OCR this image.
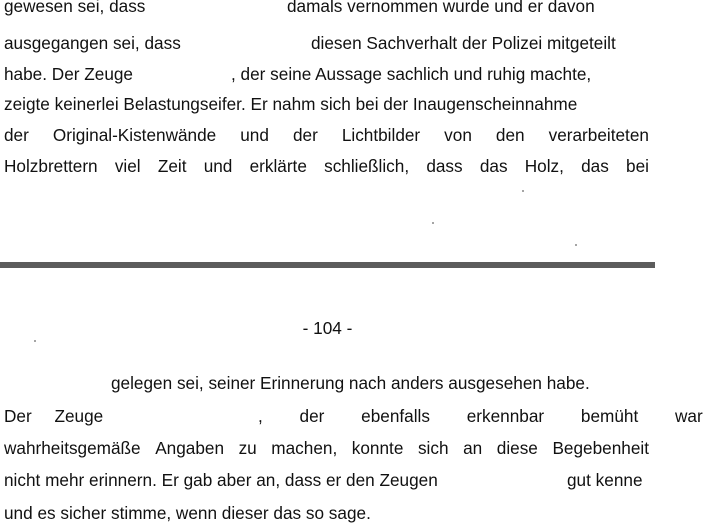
gewesen sei, dass	damals vernommen wurde und er davon
ausgegangen sei, dass	diesen Sachverhalt der Polizei mitgeteilt
habe. Der Zeuge	, der seine Aussage sachlich und ruhig machte,
zeigte keinerlei Belastungseifer. Er nahm sich bei der Inaugenscheinnahme
der Original-Kistenwände und der Lichtbilder von den verarbeiteten
Holzbrettern viel Zeit und erklärte schließlich, dass das Holz, das bei
- 104 -
gelegen sei, seiner Erinnerung nach anders ausgesehen habe.
Der Zeuge	, der ebenfalls erkennbar bemüht war
wahrheitsgemäße Angaben zu machen, konnte sich an diese Begebenheit
nicht mehr erinnern. Er gab aber an, dass er den Zeugen	gut kenne
und es sicher stimme, wenn dieser das so sage.
